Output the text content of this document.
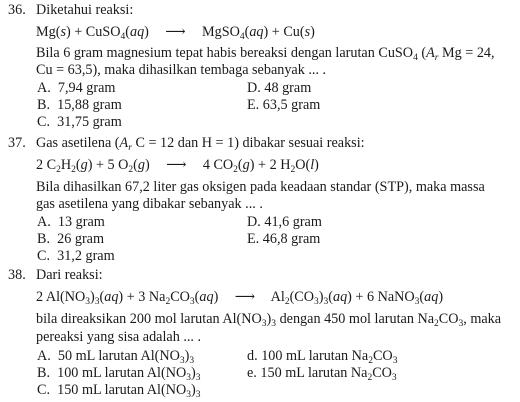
36. Diketahui reaksi:
Mg(s) + CuSO$_4$(aq) ⟶ MgSO$_4$(aq) + Cu(s)
Bila 6 gram magnesium tepat habis bereaksi dengan larutan CuSO$_4$ ($A_r$ Mg = 24,
Cu = 63,5), maka dihasilkan tembaga sebanyak ... .
A. 7,94 gram
B. 15,88 gram
C. 31,75 gram
D. 48 gram
E. 63,5 gram
37. Gas asetilena ($A_r$ C = 12 dan H = 1) dibakar sesuai reaksi:
2 $C_2H_2(g) + 5$ $O_2(g)$ ⟶ 4 $CO_2(g) + 2$ $H_2O(l)$
Bila dihasilkan 67,2 liter gas oksigen pada keadaan standar (STP), maka massa
gas asetilena yang dibakar sebanyak ... .
A. 13 gram
B. 26 gram
C. 31,2 gram
D. 41,6 gram
E. 46,8 gram
38. Dari reaksi:
2 $Al(NO_3)_3(aq) + 3$ $Na_2CO_3(aq)$ ⟶ $Al_2(CO_3)_3(aq) + 6$ NaNO$_3$(aq)
bila direaksikan 200 mol larutan $Al(NO_3)_3$ dengan 450 mol larutan $Na_2CO_3$, maka
pereaksi yang sisa adalah ... .
A. 50 mL larutan $Al(NO_3)_3$
B. 100 mL larutan $Al(NO_3)_3$
C. 150 mL larutan $Al(NO_3)_3$
d. 100 mL larutan $Na_2CO_3$
e. 150 mL larutan $Na_2CO_3$
